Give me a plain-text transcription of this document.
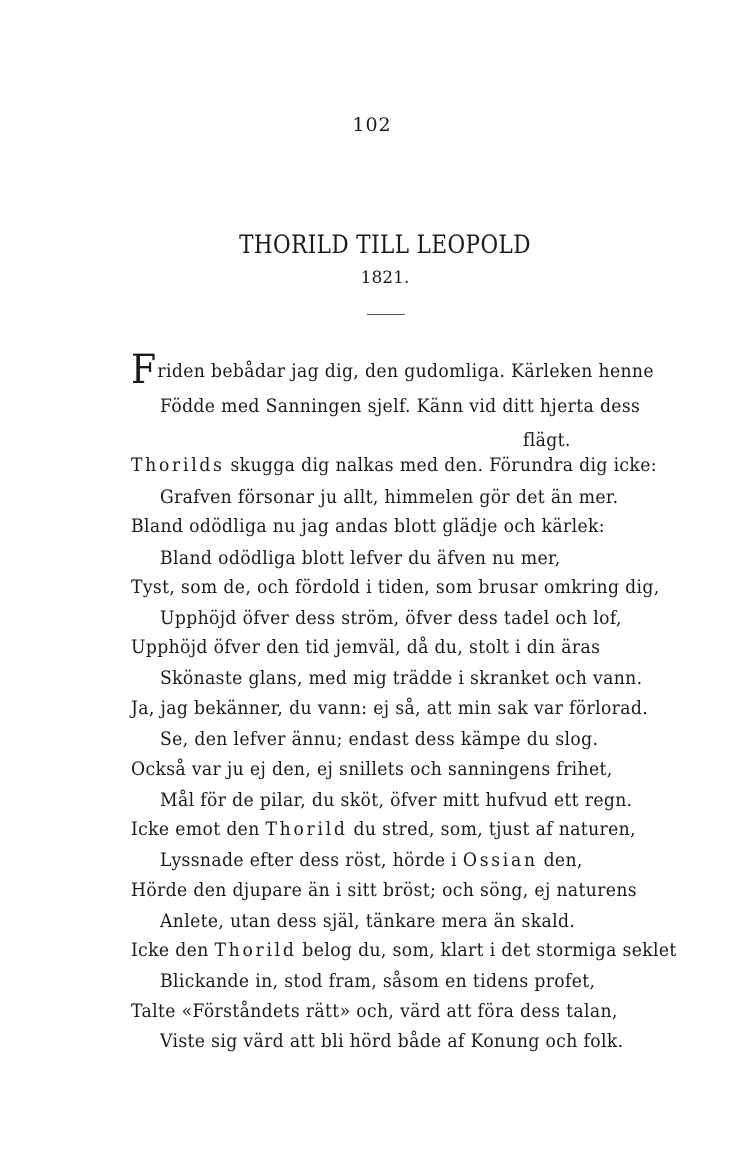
102
THORILD TILL LEOPOLD
1821.
Friden bebådar jag dig, den gudomliga. Kärleken henne
Födde med Sanningen sjelf. Känn vid ditt hjerta dess
flägt.
Thorilds skugga dig nalkas med den. Förundra dig icke:
Grafven försonar ju allt, himmelen gör det än mer.
Bland odödliga nu jag andas blott glädje och kärlek:
Bland odödliga blott lefver du äfven nu mer,
Tyst, som de, och fördold i tiden, som brusar omkring dig,
Upphöjd öfver dess ström, öfver dess tadel och lof,
Upphöjd öfver den tid jemväl, då du, stolt i din äras
Skönaste glans, med mig trädde i skranket och vann.
Ja, jag bekänner, du vann: ej så, att min sak var förlorad.
Se, den lefver ännu; endast dess kämpe du slog.
Också var ju ej den, ej snillets och sanningens frihet,
Mål för de pilar, du sköt, öfver mitt hufvud ett regn.
Icke emot den Thorild du stred, som, tjust af naturen,
Lyssnade efter dess röst, hörde i Ossian den,
Hörde den djupare än i sitt bröst; och söng, ej naturens
Anlete, utan dess själ, tänkare mera än skald.
Icke den Thorild belog du, som, klart i det stormiga seklet
Blickande in, stod fram, såsom en tidens profet,
Talte «Förståndets rätt» och, värd att föra dess talan,
Viste sig värd att bli hörd både af Konung och folk.
